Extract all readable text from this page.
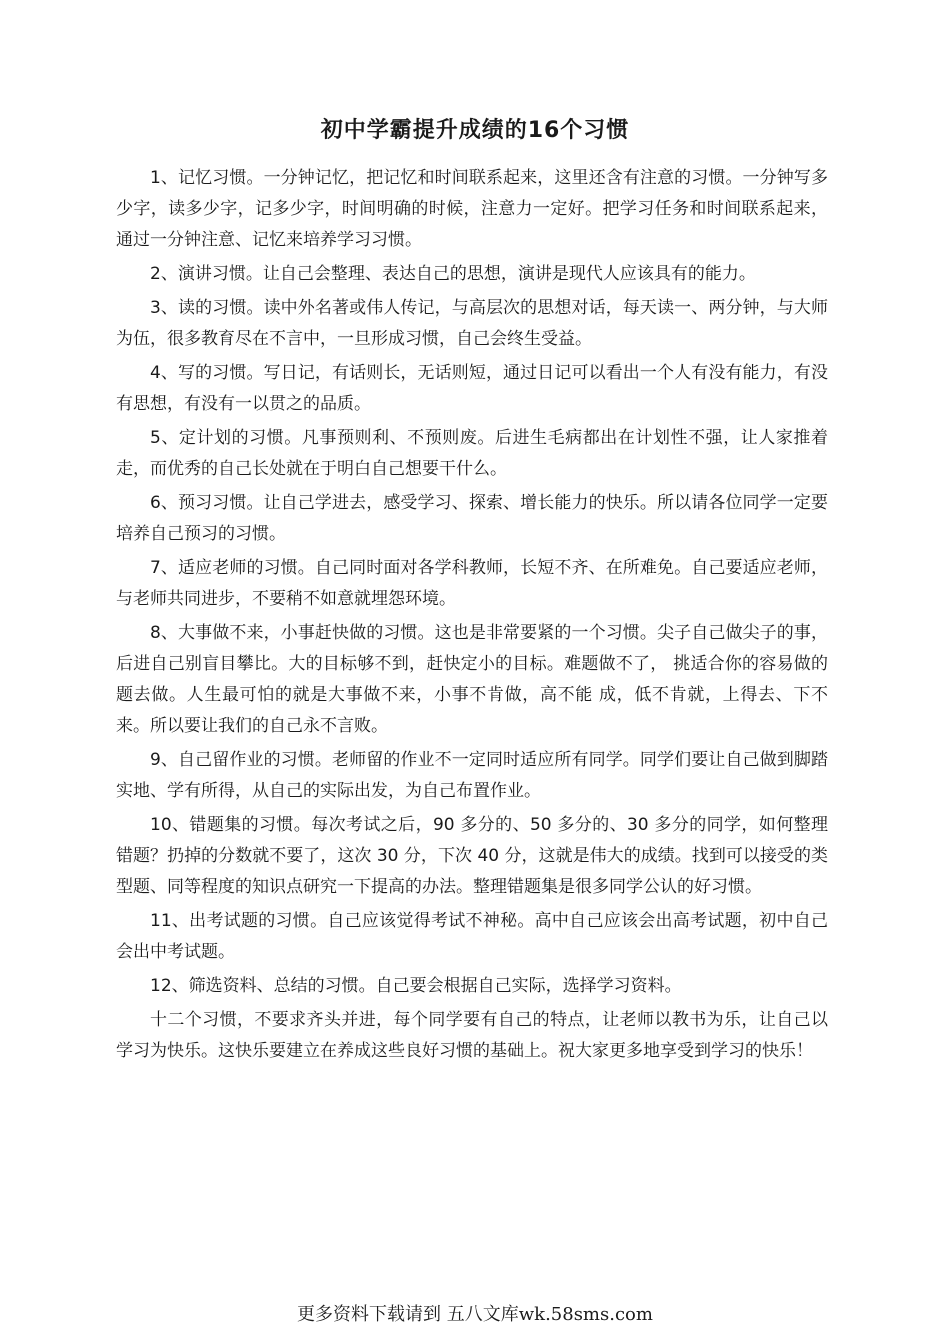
初中学霸提升成绩的16个习惯

1、记忆习惯。一分钟记忆，把记忆和时间联系起来，这里还含有注意的习惯。一分钟写多少字，读多少字，记多少字，时间明确的时候，注意力一定好。把学习任务和时间联系起来，通过一分钟注意、记忆来培养学习习惯。

2、演讲习惯。让自己会整理、表达自己的思想，演讲是现代人应该具有的能力。

3、读的习惯。读中外名著或伟人传记，与高层次的思想对话，每天读一、两分钟，与大师为伍，很多教育尽在不言中，一旦形成习惯，自己会终生受益。

4、写的习惯。写日记，有话则长，无话则短，通过日记可以看出一个人有没有能力，有没有思想，有没有一以贯之的品质。

5、定计划的习惯。凡事预则利、不预则废。后进生毛病都出在计划性不强，让人家推着走，而优秀的自己长处就在于明白自己想要干什么。

6、预习习惯。让自己学进去，感受学习、探索、增长能力的快乐。所以请各位同学一定要培养自己预习的习惯。

7、适应老师的习惯。自己同时面对各学科教师，长短不齐、在所难免。自己要适应老师，与老师共同进步，不要稍不如意就埋怨环境。

8、大事做不来，小事赶快做的习惯。这也是非常要紧的一个习惯。尖子自己做尖子的事，后进自己别盲目攀比。大的目标够不到，赶快定小的目标。难题做不了， 挑适合你的容易做的题去做。人生最可怕的就是大事做不来，小事不肯做，高不能 成，低不肯就，上得去、下不来。所以要让我们的自己永不言败。

9、自己留作业的习惯。老师留的作业不一定同时适应所有同学。同学们要让自己做到脚踏实地、学有所得，从自己的实际出发，为自己布置作业。

10、错题集的习惯。每次考试之后，90 多分的、50 多分的、30 多分的同学，如何整理错题？扔掉的分数就不要了，这次 30 分，下次 40 分，这就是伟大的成绩。找到可以接受的类型题、同等程度的知识点研究一下提高的办法。整理错题集是很多同学公认的好习惯。

11、出考试题的习惯。自己应该觉得考试不神秘。高中自己应该会出高考试题，初中自己会出中考试题。

12、筛选资料、总结的习惯。自己要会根据自己实际，选择学习资料。

十二个习惯，不要求齐头并进，每个同学要有自己的特点，让老师以教书为乐，让自己以学习为快乐。这快乐要建立在养成这些良好习惯的基础上。祝大家更多地享受到学习的快乐！

更多资料下载请到 五八文库wk.58sms.com
